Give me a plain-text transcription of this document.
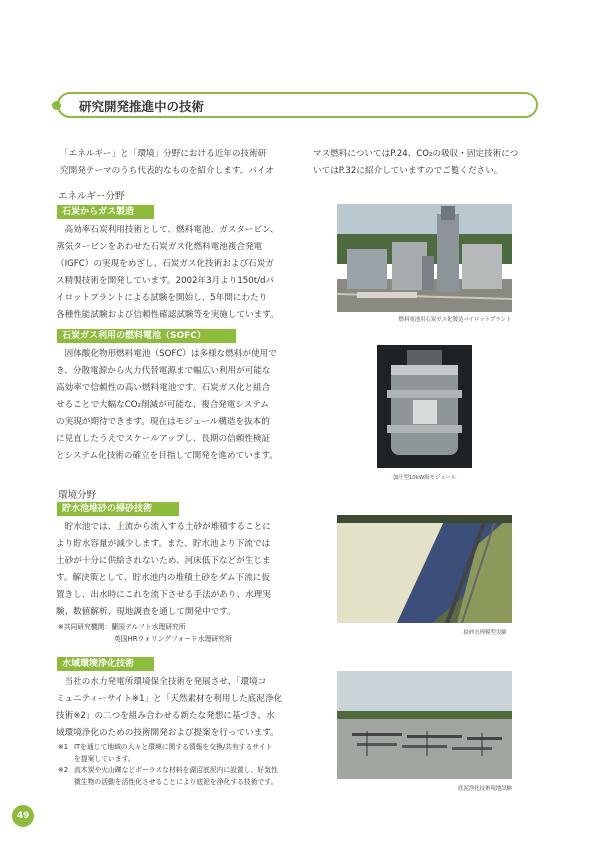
研究開発推進中の技術
「エネルギー」と「環境」分野における近年の技術研
究開発テーマのうち代表的なものを紹介します。バイオ
マス燃料についてはP.24、CO₂の吸収・固定技術につ
いてはP.32に紹介していますのでご覧ください。
エネルギー分野
石炭からガス製造
　高効率石炭利用技術として、燃料電池、ガスタービン、
蒸気タービンをあわせた石炭ガス化燃料電池複合発電
（IGFC）の実現をめざし、石炭ガス化技術および石炭ガ
ス精製技術を開発しています。2002年3月より150t/dパ
イロットプラントによる試験を開始し、5年間にわたり
各種性能試験および信頼性確認試験等を実施しています。	燃料電池用石炭ガス化製造パイロットプラント
石炭ガス利用の燃料電池（SOFC）
　固体酸化物形燃料電池（SOFC）は多様な燃料が使用で
き、分散電源から火力代替電源まで幅広い利用が可能な
高効率で信頼性の高い燃料電池です。石炭ガス化と組合
せることで大幅なCO₂削減が可能な、複合発電システム
の実現が期待できます。現在はモジュール構造を抜本的
に見直したうえでスケールアップし、長期の信頼性検証
とシステム化技術の確立を目指して開発を進めています。
加圧型10kW級モジュール
環境分野
貯水池堆砂の掃砂技術
　貯水池では、上流から流入する土砂が堆積することに
より貯水容量が減少します。また、貯水池より下流では
土砂が十分に供給されないため、河床低下などが生じま
す。解決策として、貯水池内の堆積土砂をダム下流に仮
置きし、出水時にこれを流下させる手法があり、水理実
験、数値解析、現地調査を通して開発中です。
※共同研究機関：蘭国デルフト水理研究所
英国HRウォリングフォード水理研究所
掃砂水理模型実験
水域環境浄化技術
　当社の水力発電所環境保全技術を発展させ、「環境コ
ミュニティーサイト※1」と「天然素材を利用した底泥浄化
技術※2」の二つを組み合わせる新たな発想に基づき、水
域環境浄化のための技術開発および提案を行っています。
※1 ITを通じて地域の人々と環境に関する情報を交換/共有するサイト
を提案しています。
※2 流木炭や火山礫などポーラスな材料を湖沼底泥内に設置し、好気性
微生物の活動を活性化させることにより底泥を浄化する技術です。
底泥浄化技術現地試験
49
